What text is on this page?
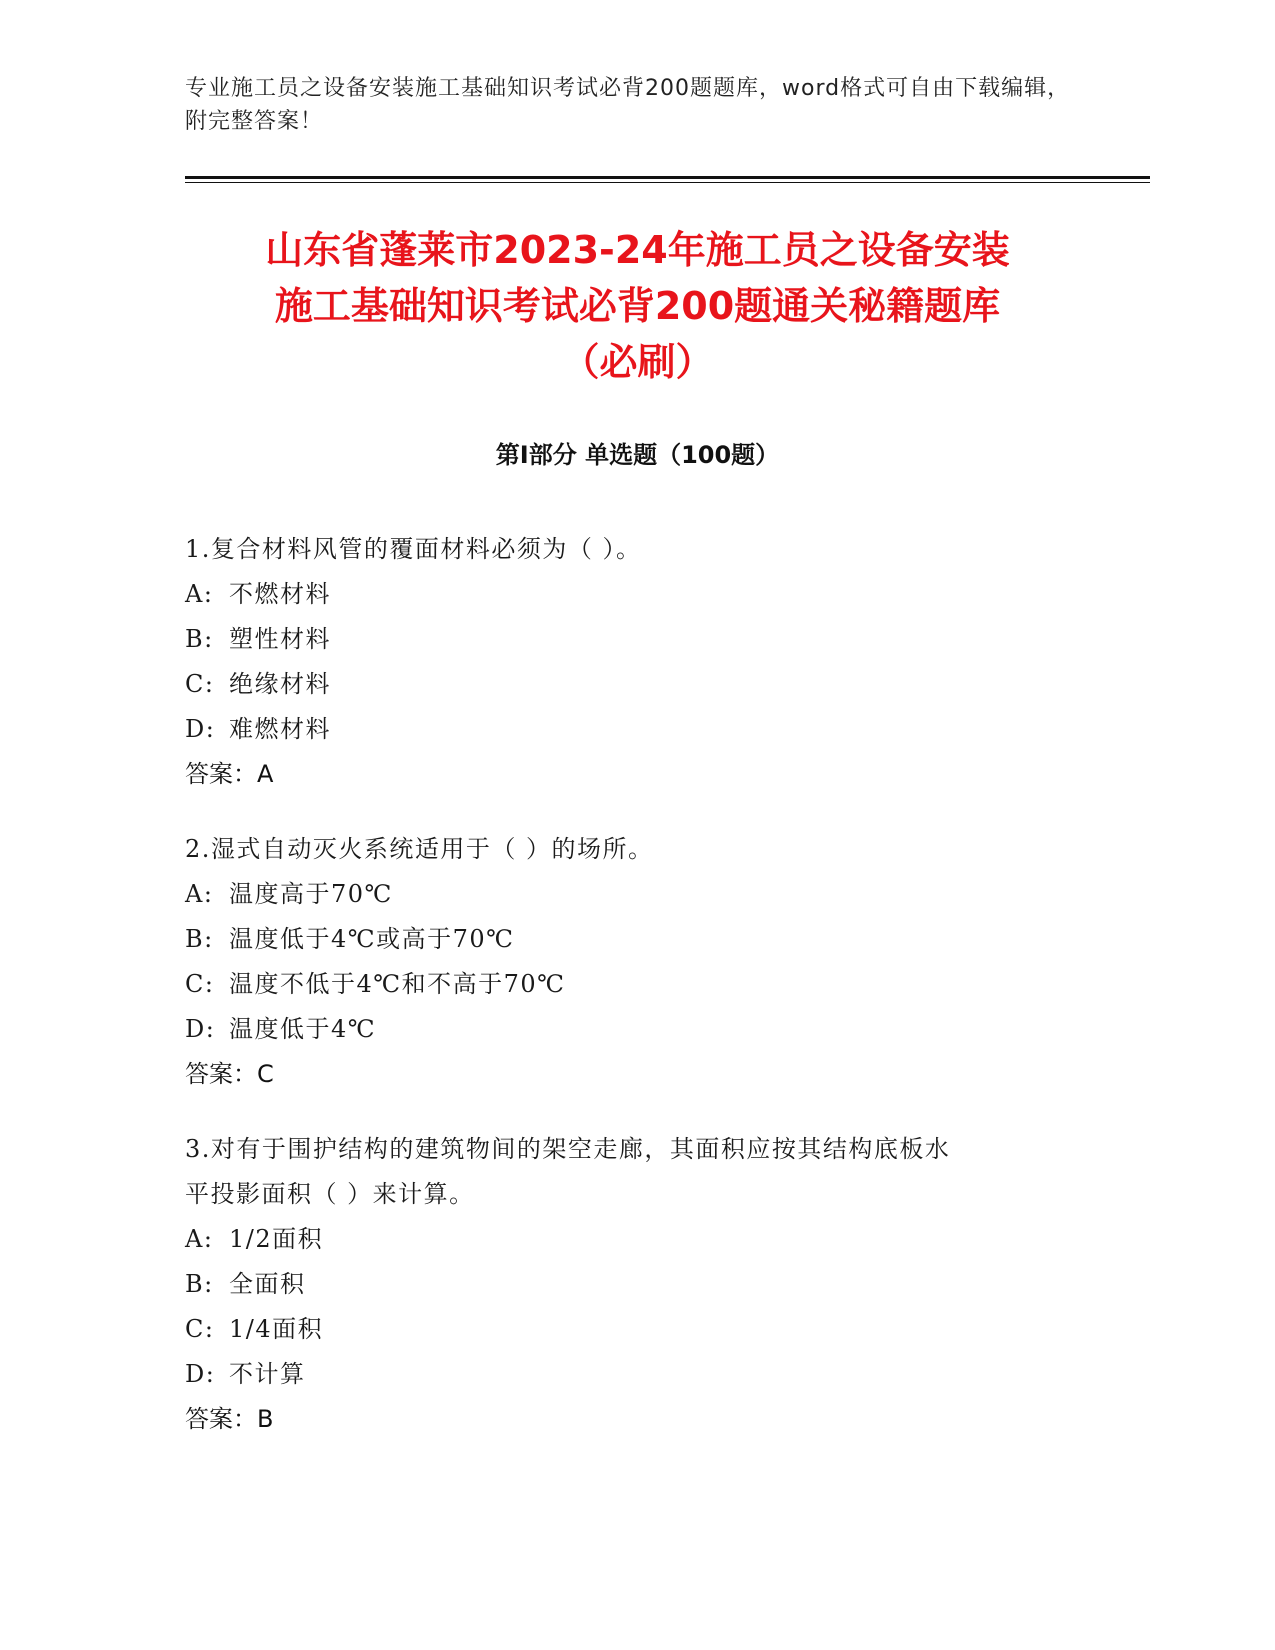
专业施工员之设备安装施工基础知识考试必背200题题库，word格式可自由下载编辑，附完整答案！
山东省蓬莱市2023-24年施工员之设备安装
施工基础知识考试必背200题通关秘籍题库
（必刷）
第I部分 单选题（100题）
1.复合材料风管的覆面材料必须为（ ）。
A: 不燃材料
B: 塑性材料
C: 绝缘材料
D: 难燃材料
答案：A
2.湿式自动灭火系统适用于（ ）的场所。
A: 温度高于70℃
B: 温度低于4℃或高于70℃
C: 温度不低于4℃和不高于70℃
D: 温度低于4℃
答案：C
3.对有于围护结构的建筑物间的架空走廊，其面积应按其结构底板水
平投影面积（ ）来计算。
A: 1/2面积
B: 全面积
C: 1/4面积
D: 不计算
答案：B
